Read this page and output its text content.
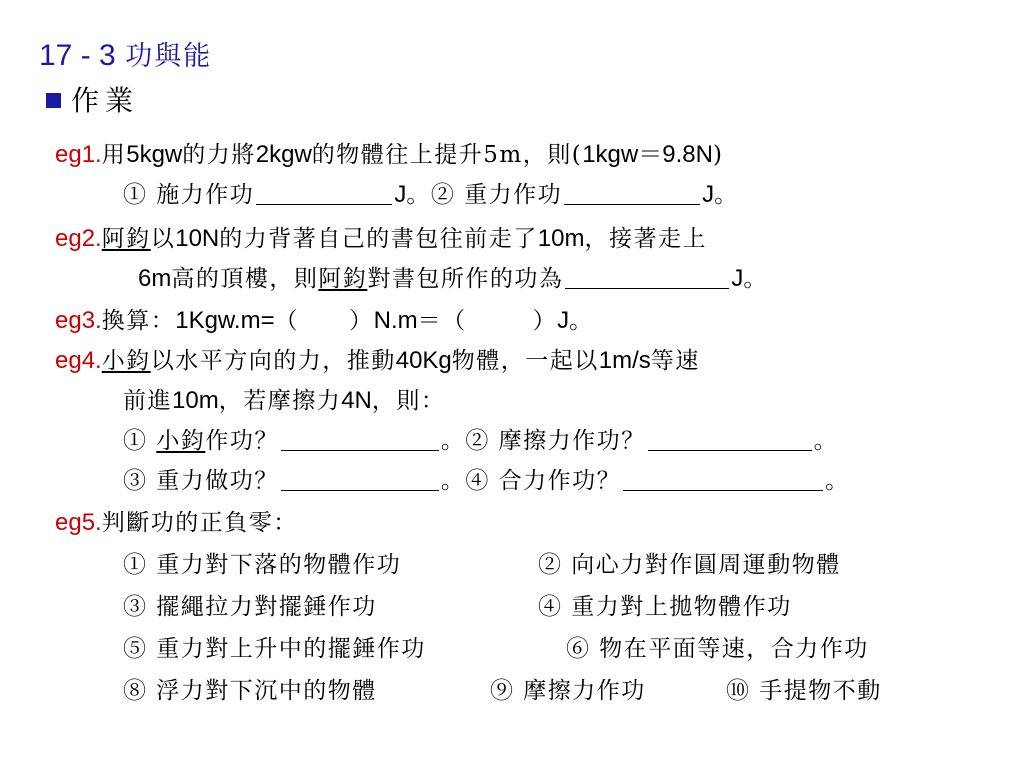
17 - 3 功與能
作業
eg1.用5kgw的力將2kgw的物體往上提升5m，則(1kgw＝9.8N)
① 施力作功	J。② 重力作功	J。
eg2.阿鈞以10N的力背著自己的書包往前走了10m，接著走上
6m高的頂樓，則阿鈞對書包所作的功為	J。
eg3.換算：1Kgw.m=（ ）N.m＝（	）J。
eg4.小鈞以水平方向的力，推動40Kg物體，一起以1m/s等速
前進10m，若摩擦力4N，則：
① 小鈞作功？	。② 摩擦力作功？	。
③ 重力做功？	。④ 合力作功？	。
eg5.判斷功的正負零：
① 重力對下落的物體作功	② 向心力對作圓周運動物體
③ 擺繩拉力對擺錘作功	④ 重力對上拋物體作功
⑤ 重力對上升中的擺錘作功	⑥ 物在平面等速，合力作功
⑧ 浮力對下沉中的物體	⑨ 摩擦力作功	⑩ 手提物不動
